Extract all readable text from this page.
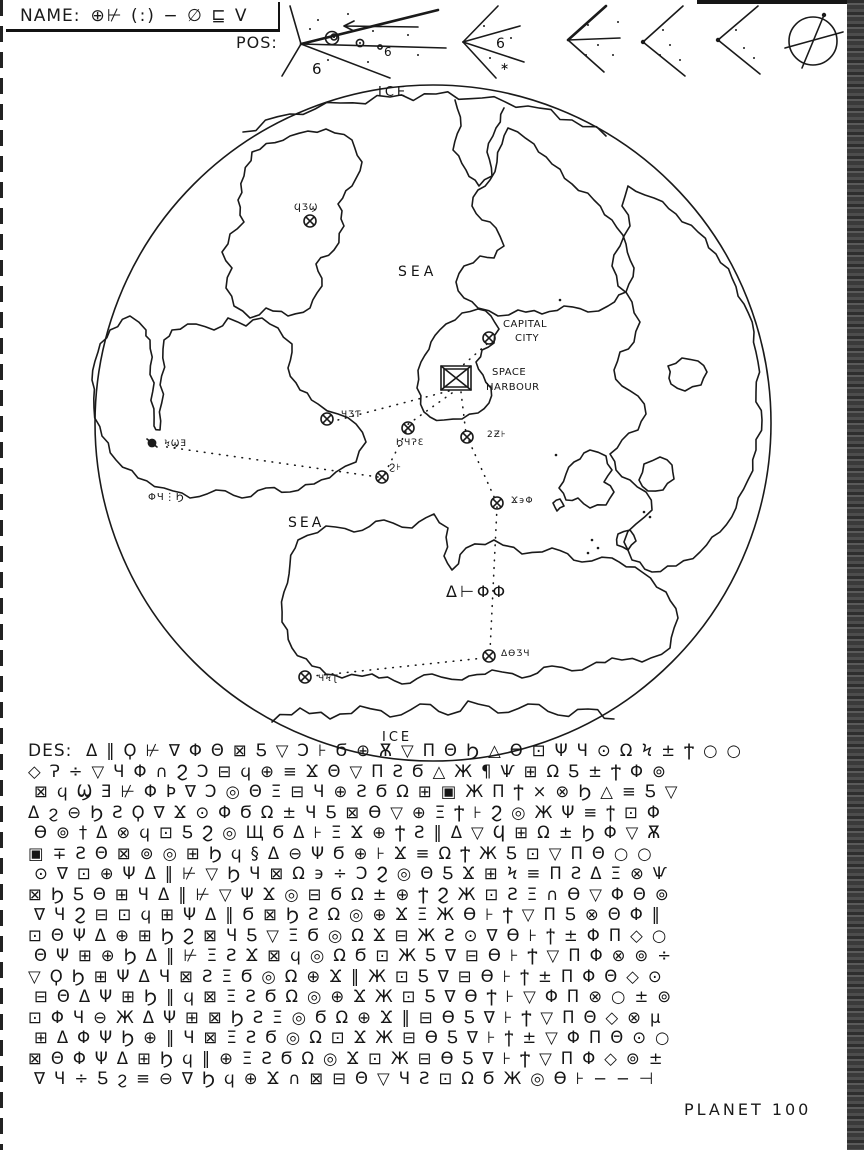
NAME: ⊕⊬ (:) − ∅ ⊑ V
POS:
6
6	6
∗
ICE
SEA
SEA
ICE
CAPITAL
CITY
SPACE
HARBOUR
Δ⊢ΦΦ
ϤƷϢ
ЧƷƬ
ϦЧɁƐ
2Ƶ⊦
Ϩ⊦
ϞϢƎ
ΦЧ⋮Ϧ	Ϫ϶Φ
ΔƟƷЧ
ЧϞƮ
DES: Δ‖Ϙ⊬∇ΦΘ⊠Ƽ▽Ɔ⊦Ϭ⊕Ѫ▽ΠΘϦ△Ѳ⊡ΨЧ⊙ΩϞ±Ϯ○○
◇Ɂ÷▽ЧΦ∩ϨƆ⊟ϥ⊕≡ϪΘ▽ΠƧϬ△Ж¶Ѱ⊞ΩƼ±ϮΦ⊚
⊠ϥϢƎ⊬ΦϷ∇Ɔ◎ΘΞ⊟Ч⊕ƧϬΩ⊞▣ЖΠϮ×⊗Ϧ△≡Ƽ▽
Δϩ⊖ϦƧϘ∇Ϫ⊙ΦϬΩ±ЧƼ⊠Ѳ▽⊕ΞϮ⊦Ϩ◎ЖΨ≡ϯ⊡Φ
Ѳ⊚†Δ⊗ϥ⊡ƼϨ◎ЩϬΔ⊦ΞϪ⊕ϮƧ‖Δ▽Ϥ⊞Ω±ϦΦ▽Ѫ
▣∓ƧΘ⊠⊚◎⊞Ϧϥ§Δ⊖ΨϬ⊕⊦Ϫ≡ΩϮЖƼ⊡▽ΠΘ○○
⊙∇⊡⊕ΨΔ‖⊬▽ϦЧ⊠Ω϶÷ƆϨ◎ΘƼϪ⊞Ϟ≡ΠƧΔΞ⊗Ѱ
⊠ϦƼΘ⊞ЧΔ‖⊬▽ΨϪ◎⊟ϬΩ±⊕ϮϨЖ⊡ƧΞ∩Ѳ▽ΦΘ⊚
∇ЧϨ⊟⊡ϥ⊞ΨΔ‖Ϭ⊠ϦƧΩ◎⊕ϪΞЖѲ⊦Ϯ▽ΠƼ⊗ΘΦ‖
⊡ΘΨΔ⊕⊞ϦϨ⊠ЧƼ▽ΞϬ◎ΩϪ⊟ЖƧ⊙∇Ѳ⊦ϯ±ΦΠ◇○
ΘΨ⊞⊕ϦΔ‖⊬ΞƧϪ⊠ϥ◎ΩϬ⊡ЖƼ∇⊟Ѳ⊦Ϯ▽ΠΦ⊗⊚÷
▽ϘϦ⊞ΨΔЧ⊠ƧΞϬ◎Ω⊕Ϫ‖Ж⊡Ƽ∇⊟Ѳ⊦ϯ±ΠΦΘ◇⊙
⊟ΘΔΨ⊞Ϧ‖ϥ⊠ΞƧϬΩ◎⊕ϪЖ⊡Ƽ∇ѲϮ⊦▽ΦΠ⊗○±⊚
⊡ΦЧ⊖ЖΔΨ⊞⊠ϦƧΞ◎ϬΩ⊕Ϫ‖⊟ѲƼ∇⊦Ϯ▽ΠΘ◇⊗µ
⊞ΔΦΨϦ⊕‖Ч⊠ΞƧϬ◎Ω⊡ϪЖ⊟ѲƼ∇⊦ϯ±▽ΦΠΘ⊙○
⊠ΘΦΨΔ⊞Ϧϥ‖⊕ΞƧϬΩ◎Ϫ⊡Ж⊟ѲƼ∇⊦Ϯ▽ΠΦ◇⊚±
∇Ч÷Ƽϩ≡⊖∇Ϧϥ⊕Ϫ∩⊠⊟Θ▽ЧƧ⊡ΩϬЖ◎Ѳ⊦−−⊣
PLANET 100
